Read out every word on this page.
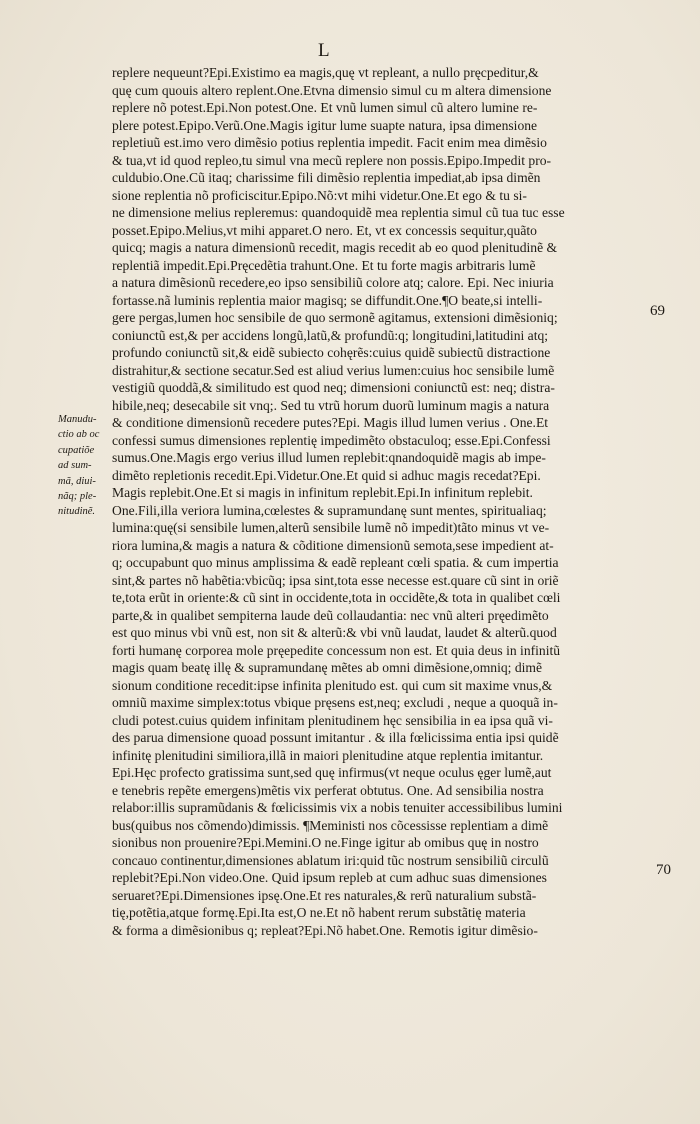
L
Manudu-
ctio ab oc
cupatiõe
ad sum-
mã, diui-
nãq; ple-
nitudinẽ.
69
70
replere nequeunt?Epi.Existimo ea magis,quę vt repleant, a nullo pręcpeditur,&
quę cum quouis altero replent.One.Etvna dimensio simul cu m altera dimensione
replere nõ potest.Epi.Non potest.One. Et vnũ lumen simul cũ altero lumine re-
plere potest.Epipo.Verũ.One.Magis igitur lume suapte natura, ipsa dimensione
repletiuũ est.imo vero dimẽsio potius replentia impedit. Facit enim mea dimẽsio
& tua,vt id quod repleo,tu simul vna mecũ replere non possis.Epipo.Impedit pro-
culdubio.One.Cũ itaq; charissime fili dimẽsio replentia impediat,ab ipsa dimẽn
sione replentia nõ proficiscitur.Epipo.Nõ:vt mihi videtur.One.Et ego & tu si-
ne dimensione melius repleremus: quandoquidẽ mea replentia simul cũ tua tuc esse
posset.Epipo.Melius,vt mihi apparet.O nero. Et, vt ex concessis sequitur,quãto
quicq; magis a natura dimensionũ recedit, magis recedit ab eo quod plenitudinẽ &
replentiã impedit.Epi.Pręcedẽtia trahunt.One. Et tu forte magis arbitraris lumẽ
a natura dimẽsionũ recedere,eo ipso sensibiliũ colore atq; calore. Epi. Nec iniuria
fortasse.nã luminis replentia maior magisq; se diffundit.One.¶O beate,si intelli-
gere pergas,lumen hoc sensibile de quo sermonẽ agitamus, extensioni dimẽsioniq;
coniunctũ est,& per accidens longũ,latũ,& profundũ:q; longitudini,latitudini atq;
profundo coniunctũ sit,& eidẽ subiecto cohęrẽs:cuius quidẽ subiectũ distractione
distrahitur,& sectione secatur.Sed est aliud verius lumen:cuius hoc sensibile lumẽ
vestigiũ quoddã,& similitudo est quod neq; dimensioni coniunctũ est: neq; distra-
hibile,neq; desecabile sit vnq;. Sed tu vtrũ horum duorũ luminum magis a natura
& conditione dimensionũ recedere putes?Epi. Magis illud lumen verius . One.Et
confessi sumus dimensiones replentię impedimẽto obstaculoq; esse.Epi.Confessi
sumus.One.Magis ergo verius illud lumen replebit:qnandoquidẽ magis ab impe-
dimẽto repletionis recedit.Epi.Videtur.One.Et quid si adhuc magis recedat?Epi.
Magis replebit.One.Et si magis in infinitum replebit.Epi.In infinitum replebit.
One.Fili,illa veriora lumina,cœlestes & supramundanę sunt mentes, spiritualiaq;
lumina:quę(si sensibile lumen,alterũ sensibile lumẽ nõ impedit)tãto minus vt ve-
riora lumina,& magis a natura & cõditione dimensionũ semota,sese impedient at-
q; occupabunt quo minus amplissima & eadẽ repleant cœli spatia. & cum impertia
sint,& partes nõ habẽtia:vbicũq; ipsa sint,tota esse necesse est.quare cũ sint in oriẽ
te,tota erũt in oriente:& cũ sint in occidente,tota in occidẽte,& tota in qualibet cœli
parte,& in qualibet sempiterna laude deũ collaudantia: nec vnũ alteri pręedimẽto
est quo minus vbi vnũ est, non sit & alterũ:& vbi vnũ laudat, laudet & alterũ.quod
forti humanę corporea mole pręepedite concessum non est. Et quia deus in infinitũ
magis quam beatę illę & supramundanę mẽtes ab omni dimẽsione,omniq; dimẽ
sionum conditione recedit:ipse infinita plenitudo est. qui cum sit maxime vnus,&
omniũ maxime simplex:totus vbique pręsens est,neq; excludi , neque a quoquã in-
cludi potest.cuius quidem infinitam plenitudinem hęc sensibilia in ea ipsa quã vi-
des parua dimensione quoad possunt imitantur . & illa fœlicissima entia ipsi quidẽ
infinitę plenitudini similiora,illã in maiori plenitudine atque replentia imitantur.
Epi.Hęc profecto gratissima sunt,sed quę infirmus(vt neque oculus ęger lumẽ,aut
e tenebris repẽte emergens)mẽtis vix perferat obtutus. One. Ad sensibilia nostra
relabor:illis supramũdanis & fœlicissimis vix a nobis tenuiter accessibilibus lumini
bus(quibus nos cõmendo)dimissis. ¶Meministi nos cõcessisse replentiam a dimẽ
sionibus non prouenire?Epi.Memini.O ne.Finge igitur ab omibus quę in nostro
concauo continentur,dimensiones ablatum iri:quid tũc nostrum sensibiliũ circulũ
replebit?Epi.Non video.One. Quid ipsum repleb at cum adhuc suas dimensiones
seruaret?Epi.Dimensiones ipsę.One.Et res naturales,& rerũ naturalium substã-
tię,potẽtia,atque formę.Epi.Ita est,O ne.Et nõ habent rerum substãtię materia
& forma a dimẽsionibus q; repleat?Epi.Nõ habet.One. Remotis igitur dimẽsio-
